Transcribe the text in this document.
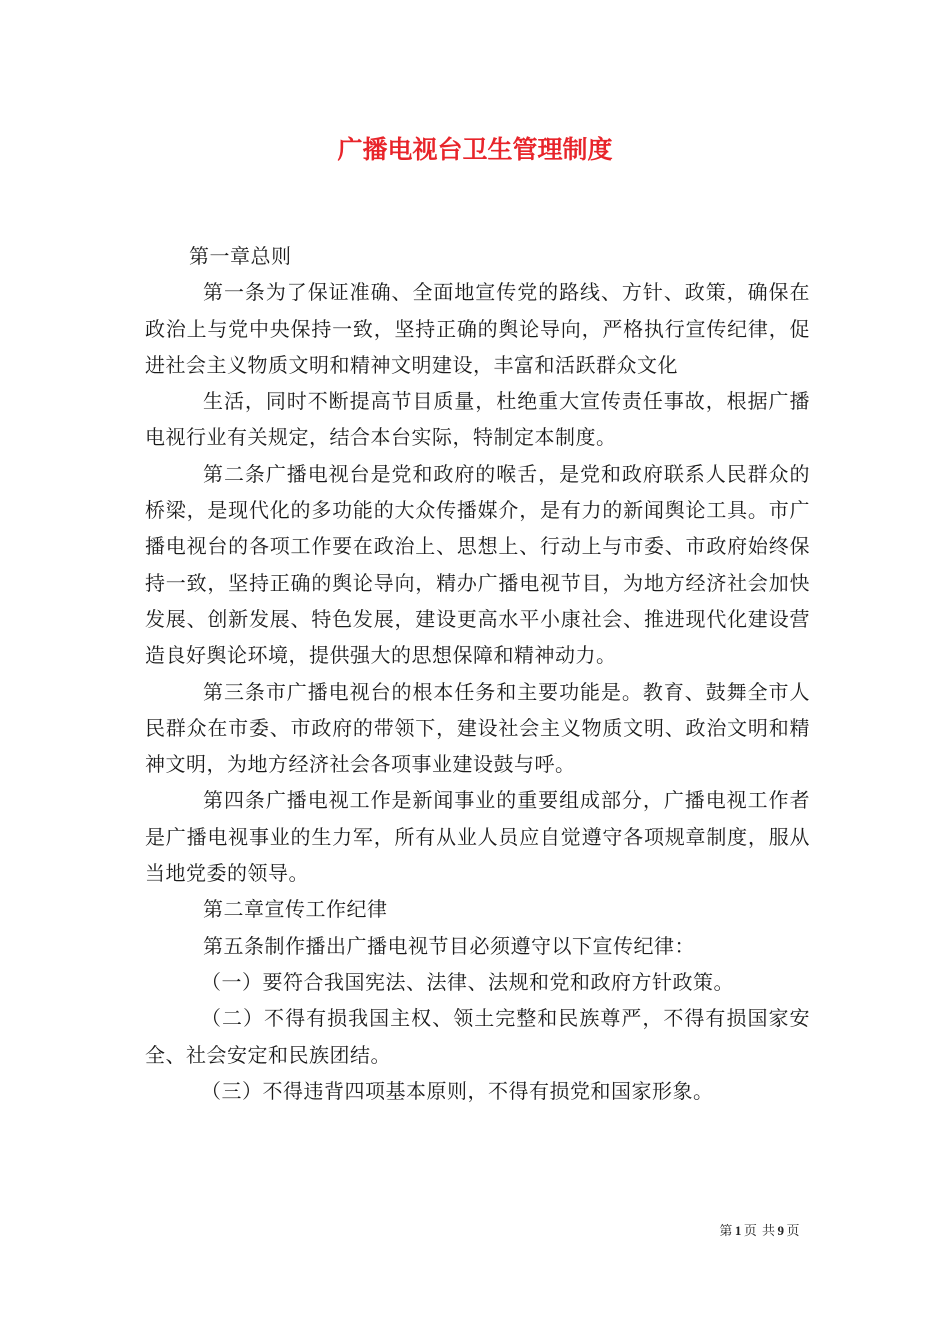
广播电视台卫生管理制度

第一章总则

第一条为了保证准确、全面地宣传党的路线、方针、政策，确保在政治上与党中央保持一致，坚持正确的舆论导向，严格执行宣传纪律，促进社会主义物质文明和精神文明建设，丰富和活跃群众文化

生活，同时不断提高节目质量，杜绝重大宣传责任事故，根据广播电视行业有关规定，结合本台实际，特制定本制度。

第二条广播电视台是党和政府的喉舌，是党和政府联系人民群众的桥梁，是现代化的多功能的大众传播媒介，是有力的新闻舆论工具。市广播电视台的各项工作要在政治上、思想上、行动上与市委、市政府始终保持一致，坚持正确的舆论导向，精办广播电视节目，为地方经济社会加快发展、创新发展、特色发展，建设更高水平小康社会、推进现代化建设营造良好舆论环境，提供强大的思想保障和精神动力。

第三条市广播电视台的根本任务和主要功能是。教育、鼓舞全市人民群众在市委、市政府的带领下，建设社会主义物质文明、政治文明和精神文明，为地方经济社会各项事业建设鼓与呼。

第四条广播电视工作是新闻事业的重要组成部分，广播电视工作者是广播电视事业的生力军，所有从业人员应自觉遵守各项规章制度，服从当地党委的领导。

第二章宣传工作纪律

第五条制作播出广播电视节目必须遵守以下宣传纪律：

（一）要符合我国宪法、法律、法规和党和政府方针政策。

（二）不得有损我国主权、领土完整和民族尊严，不得有损国家安全、社会安定和民族团结。

（三）不得违背四项基本原则，不得有损党和国家形象。

第 1 页 共 9 页
